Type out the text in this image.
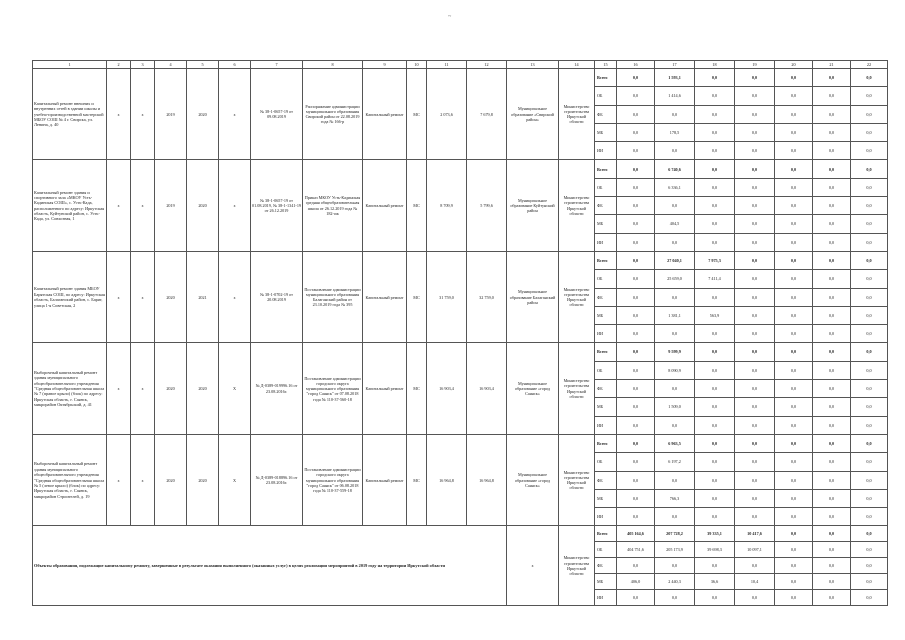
~
1	2	3	4	5	6	7	8	9	10	11	12	13	14	15	16	17	18	19	20	21	22
Капитальный ремонт внешних и внутренних сетей в здании школы и учебно-производственной мастерской МБОУ СОШ № 4 г. Свирска, ул. Ленина, д. 40	х	х	2019	2020	х	№ 38-1-0657-19 от 09.08.2019	Распоряжение администрации муниципального образования Свирский район от 22.08.2019 года № 166-р	Капитальный ремонт	МС	2 073,6	7 679,8	Муниципальное образование «Свирский район»	Министерство строительства Иркутской области	Всего	0,0	1 593,1	0,0	0,0	0,0	0,0	0,0
														ОБ	0,0	1 414,6	0,0	0,0	0,0	0,0	0,0
														ФБ	0,0	0,0	0,0	0,0	0,0	0,0	0,0
														МБ	0,0	178,5	0,0	0,0	0,0	0,0	0,0
														ИИ	0,0	0,0	0,0	0,0	0,0	0,0	0,0
Капитальный ремонт здания и спортивного зала «МКОУ Усть-Кадинская СОШ», с. Усть-Када, расположенного по адресу: Иркутская область, Куйтунский район, с. Усть-Када, ул. Совхозная, 1	х	х	2019	2020	х	№ 38-1-0657-19 от 01.08.2019, № 38-1-1341-19 от 26.12.2019	Приказ МКОУ Усть-Кадинская средняя общеобразовательная школа от 26.12.2019 года № 182-ож	Капитальный ремонт	МС	8 709,9	5 799,6	Муниципальное образование Куйтунский район	Министерство строительства Иркутской области	Всего	0,0	6 740,6	0,0	0,0	0,0	0,0	0,0
														ОБ	0,0	6 336,1	0,0	0,0	0,0	0,0	0,0
														ФБ	0,0	0,0	0,0	0,0	0,0	0,0	0,0
														МБ	0,0	404,5	0,0	0,0	0,0	0,0	0,0
														ИИ	0,0	0,0	0,0	0,0	0,0	0,0	0,0
Капитальный ремонт здания МБОУ Барятская СОШ, по адресу: Иркутская область, Балаганский район, с. Барят, улица 1-я Советская, 2	х	х	2020	2021	х	№ 38-1-0702-19 от 20.08.2019	Постановление администрации муниципального образования Балаганский район от 23.10.2019 года № 395	Капитальный ремонт	МС	31 759,0	32 759,0	Муниципальное образование Балаганский район	Министерство строительства Иркутской области	Всего	0,0	27 040,1	7 975,3	0,0	0,0	0,0	0,0
														ОБ	0,0	25 659,0	7 411,4	0,0	0,0	0,0	0,0
														ФБ	0,0	0,0	0,0	0,0	0,0	0,0	0,0
														МБ	0,0	1 381,1	563,9	0,0	0,0	0,0	0,0
														ИИ	0,0	0,0	0,0	0,0	0,0	0,0	0,0
Выборочный капитальный ремонт здания муниципального общеобразовательного учреждения "Средняя общеобразовательная школа № 7 (правое крыло) (блок) по адресу: Иркутская область, г. Саянск, микрорайон Октябрьский, д. 41	х	х	2020	2020	Х	№ Д-0389-019996.16 от 23.08.2016г.	Постановление администрации городского округа муниципального образования "город Саянск" от 07.08.2018 года № 110-37-560-18	Капитальный ремонт	МС	16 903,4	16 903,4	Муниципальное образование «город Саянск»	Министерство строительства Иркутской области	Всего	0,0	9 599,9	0,0	0,0	0,0	0,0	0,0
														ОБ	0,0	8 090,9	0,0	0,0	0,0	0,0	0,0
														ФБ	0,0	0,0	0,0	0,0	0,0	0,0	0,0
														МБ	0,0	1 509,0	0,0	0,0	0,0	0,0	0,0
														ИИ	0,0	0,0	0,0	0,0	0,0	0,0	0,0
Выборочный капитальный ремонт здания муниципального общеобразовательного учреждения "Средняя общеобразовательная школа № 5 (левое крыло) (блок) по адресу: Иркутская область, г. Саянск, микрорайон Строителей, д. 19	х	х	2020	2020	Х	№ Д-0389-018896.16 от 23.08.2016г.	Постановление администрации городского округа муниципального образования "город Саянск" от 06.08.2018 года № 110-37-559-18	Капитальный ремонт	МС	16 964,8	16 964,8	Муниципальное образование «город Саянск»	Министерство строительства Иркутской области	Всего	0,0	6 963,5	0,0	0,0	0,0	0,0	0,0
														ОБ	0,0	6 197,2	0,0	0,0	0,0	0,0	0,0
														ФБ	0,0	0,0	0,0	0,0	0,0	0,0	0,0
														МБ	0,0	766,3	0,0	0,0	0,0	0,0	0,0
														ИИ	0,0	0,0	0,0	0,0	0,0	0,0	0,0
Объекты образования, подлежащие капитальному ремонту, завершенные в результате оказания выполненного (оказанных услуг) в целях реализации мероприятий в 2019 году на территории Иркутской области												х	Министерство строительства Иркутской области	Всего	405 164,6	207 728,2	39 335,1	10 417,6	0,0	0,0	0,0
														ОБ	404 751,6	205 173,9	39 698,3	10 097,1	0,0	0,0	0,0
														ФБ	0,0	0,0	0,0	0,0	0,0	0,0	0,0
														МБ	406,0	2 440,3	36,6	10,4	0,0	0,0	0,0
														ИИ	0,0	0,0	0,0	0,0	0,0	0,0	0,0
